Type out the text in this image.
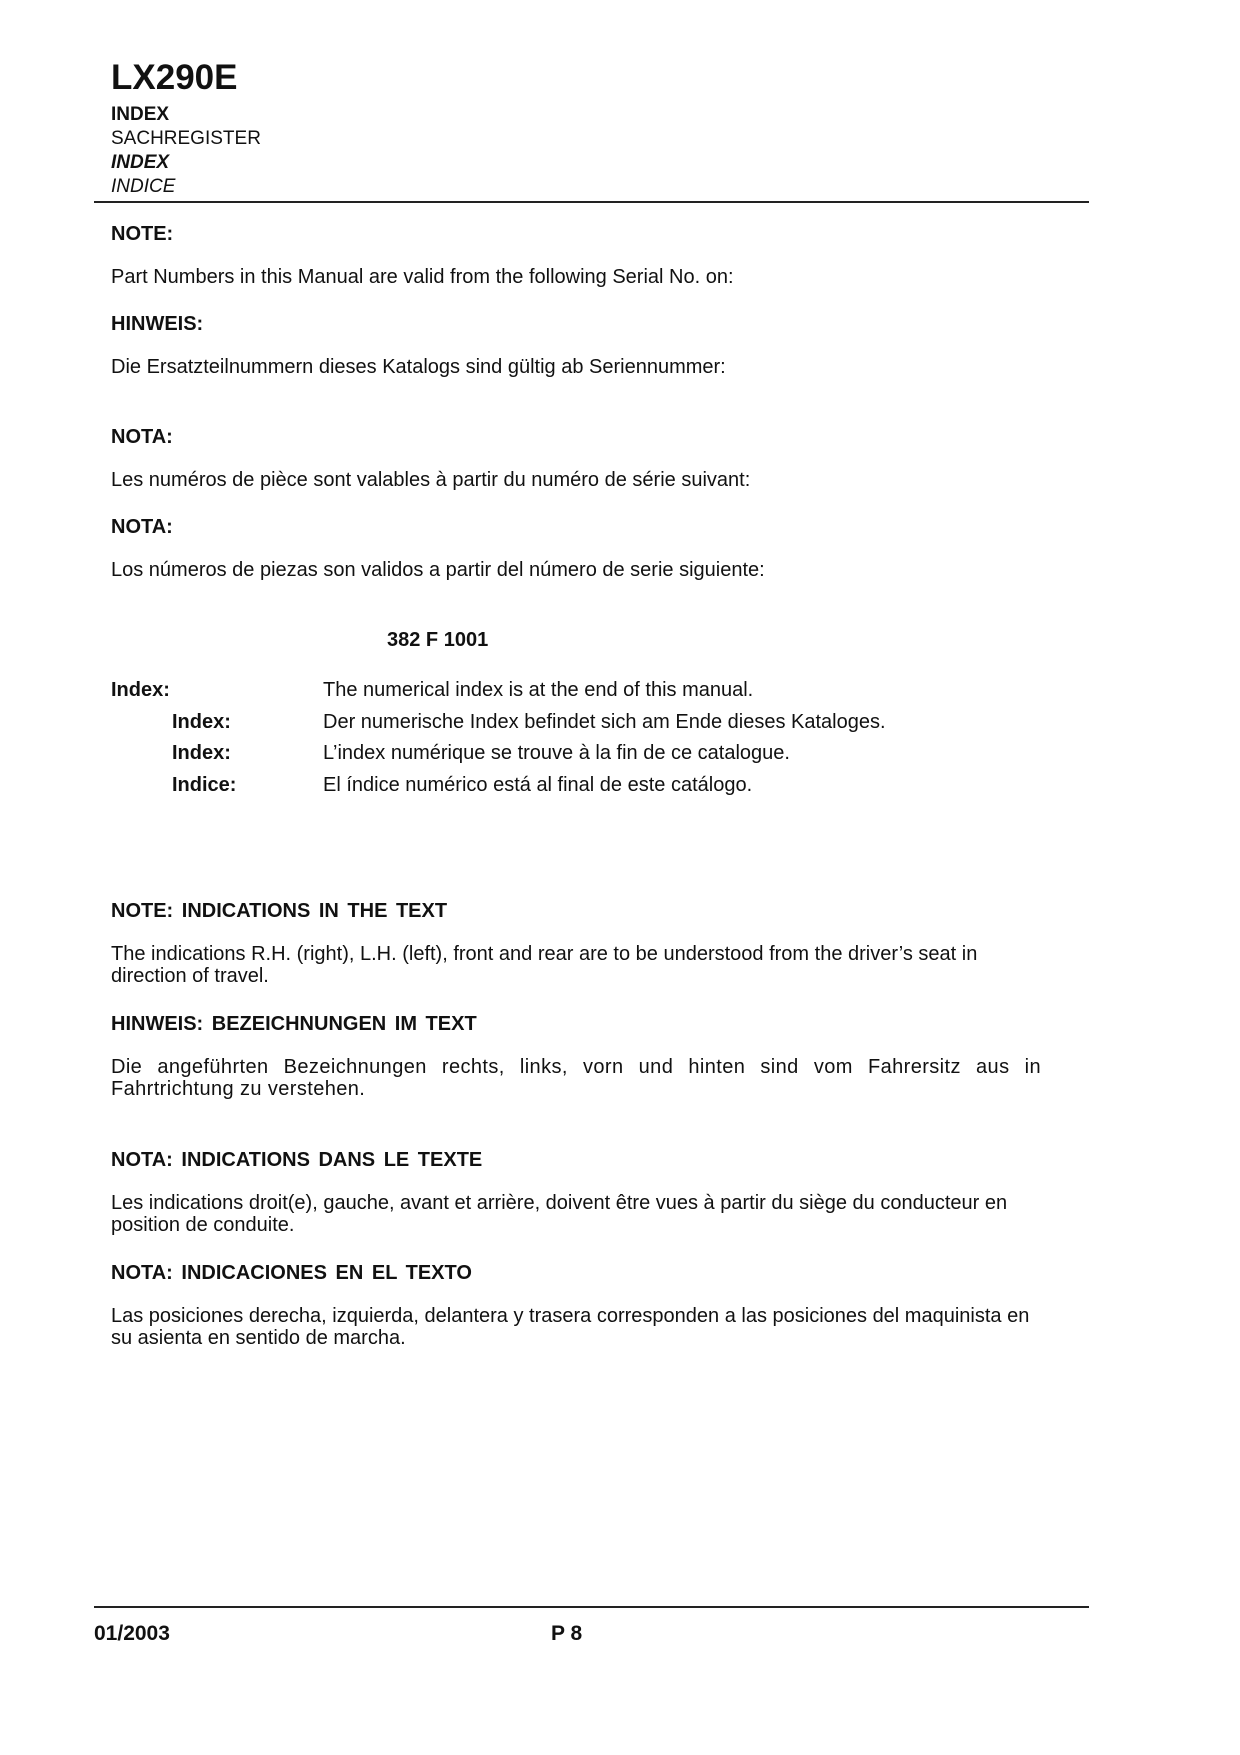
LX290E
INDEX
SACHREGISTER
INDEX
INDICE
NOTE:
Part Numbers in this Manual are valid from the following Serial No. on:
HINWEIS:
Die Ersatzteilnummern dieses Katalogs sind gültig ab Seriennummer:
NOTA:
Les numéros de pièce sont valables à partir du numéro de série suivant:
NOTA:
Los números de piezas son validos a partir del número de serie siguiente:
382 F 1001
Index:	The numerical index is at the end of this manual.
Index:	Der numerische Index befindet sich am Ende dieses Kataloges.
Index:	L’index numérique se trouve à la fin de ce catalogue.
Indice:	El índice numérico está al final de este catálogo.
NOTE: INDICATIONS IN THE TEXT
The indications R.H. (right), L.H. (left), front and rear are to be understood from the driver’s seat in direction of travel.
HINWEIS: BEZEICHNUNGEN IM TEXT
Die angeführten Bezeichnungen rechts, links, vorn und hinten sind vom Fahrersitz aus in Fahrtrichtung zu verstehen.
NOTA: INDICATIONS DANS LE TEXTE
Les indications droit(e), gauche, avant et arrière, doivent être vues à partir du siège du conducteur en position de conduite.
NOTA: INDICACIONES EN EL TEXTO
Las posiciones derecha, izquierda, delantera y trasera corresponden a las posiciones del maquinista en su asienta en sentido de marcha.
01/2003	P 8
